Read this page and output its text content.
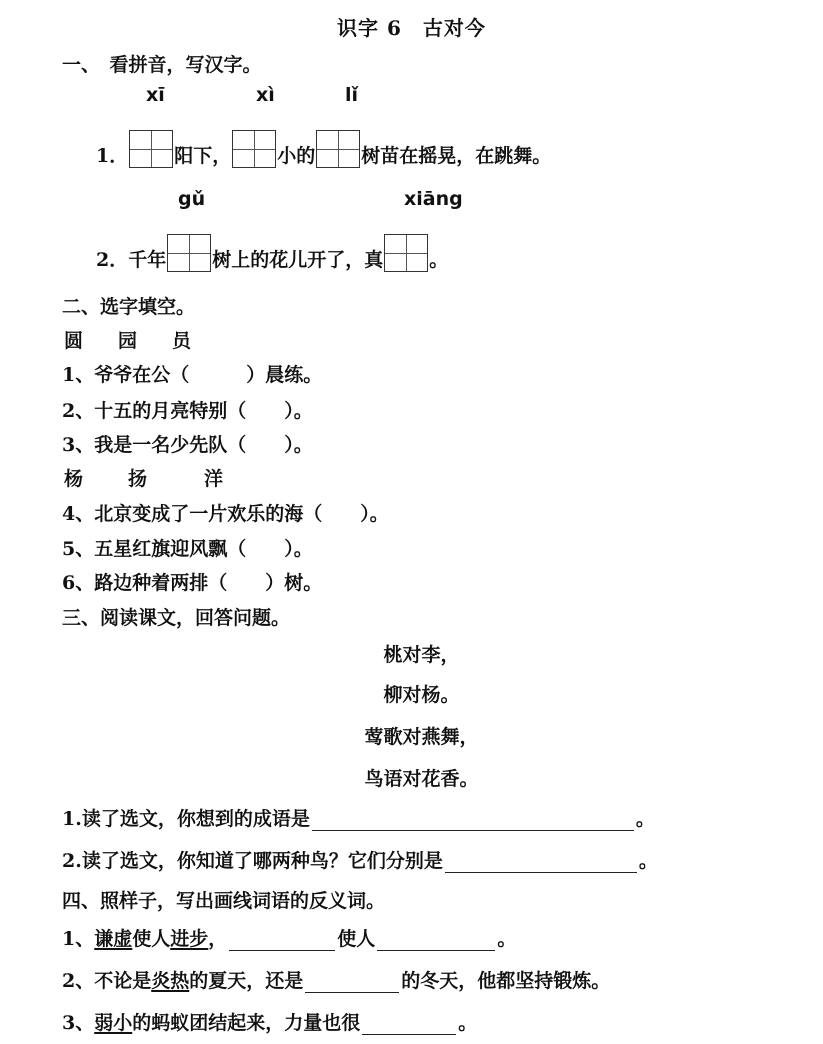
识字 6　古对今
一、　看拼音，写汉字。
xī	xì	lǐ
1． 阳下， 小的 树苗在摇晃，在跳舞。
gǔ	xiāng
2． 千年 树上的花儿开了，真 。
二、选字填空。
圆 园 员
1、爷爷在公（　　　）晨练。
2、十五的月亮特别（　　）。
3、我是一名少先队（　　）。
杨 扬	洋
4、北京变成了一片欢乐的海（　　）。
5、五星红旗迎风飘（　　）。
6、路边种着两排（　　）树。
三、阅读课文，回答问题。
桃对李，
柳对杨。
莺歌对燕舞，
鸟语对花香。
1.读了选文，你想到的成语是	。
2.读了选文，你知道了哪两种鸟？它们分别是	。
四、照样子，写出画线词语的反义词。
1、 谦虚 使人 进步 ，	使人	。
2、不论是 炎热 的夏天，还是	的冬天，他都坚持锻炼。
3、 弱小 的蚂蚁团结起来，力量也很	。
